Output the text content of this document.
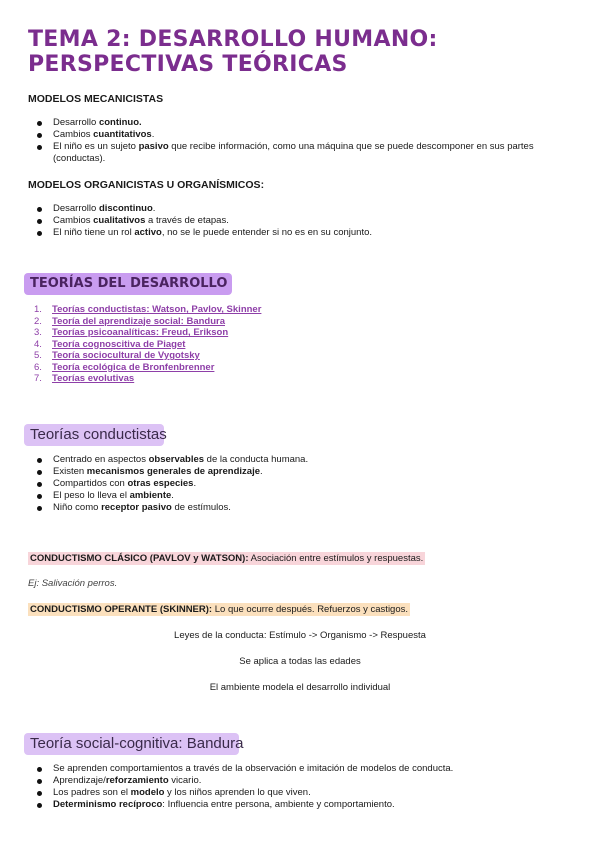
TEMA 2: DESARROLLO HUMANO:
PERSPECTIVAS TEÓRICAS

MODELOS MECANICISTAS

Desarrollo continuo.
Cambios cuantitativos.
El niño es un sujeto pasivo que recibe información, como una máquina que se puede descomponer en sus partes (conductas).

MODELOS ORGANICISTAS U ORGANÍSMICOS:

Desarrollo discontinuo.
Cambios cualitativos a través de etapas.
El niño tiene un rol activo, no se le puede entender si no es en su conjunto.

TEORÍAS DEL DESARROLLO

1. Teorías conductistas: Watson, Pavlov, Skinner
2. Teoría del aprendizaje social: Bandura
3. Teorías psicoanalíticas: Freud, Erikson
4. Teoría cognoscitiva de Piaget
5. Teoría sociocultural de Vygotsky
6. Teoría ecológica de Bronfenbrenner
7. Teorías evolutivas

Teorías conductistas

Centrado en aspectos observables de la conducta humana.
Existen mecanismos generales de aprendizaje.
Compartidos con otras especies.
El peso lo lleva el ambiente.
Niño como receptor pasivo de estímulos.

CONDUCTISMO CLÁSICO (PAVLOV y WATSON): Asociación entre estímulos y respuestas.

Ej: Salivación perros.

CONDUCTISMO OPERANTE (SKINNER): Lo que ocurre después. Refuerzos y castigos.

Leyes de la conducta: Estímulo -> Organismo -> Respuesta

Se aplica a todas las edades

El ambiente modela el desarrollo individual

Teoría social-cognitiva: Bandura

Se aprenden comportamientos a través de la observación e imitación de modelos de conducta.
Aprendizaje/reforzamiento vicario.
Los padres son el modelo y los niños aprenden lo que viven.
Determinismo recíproco: Influencia entre persona, ambiente y comportamiento.
